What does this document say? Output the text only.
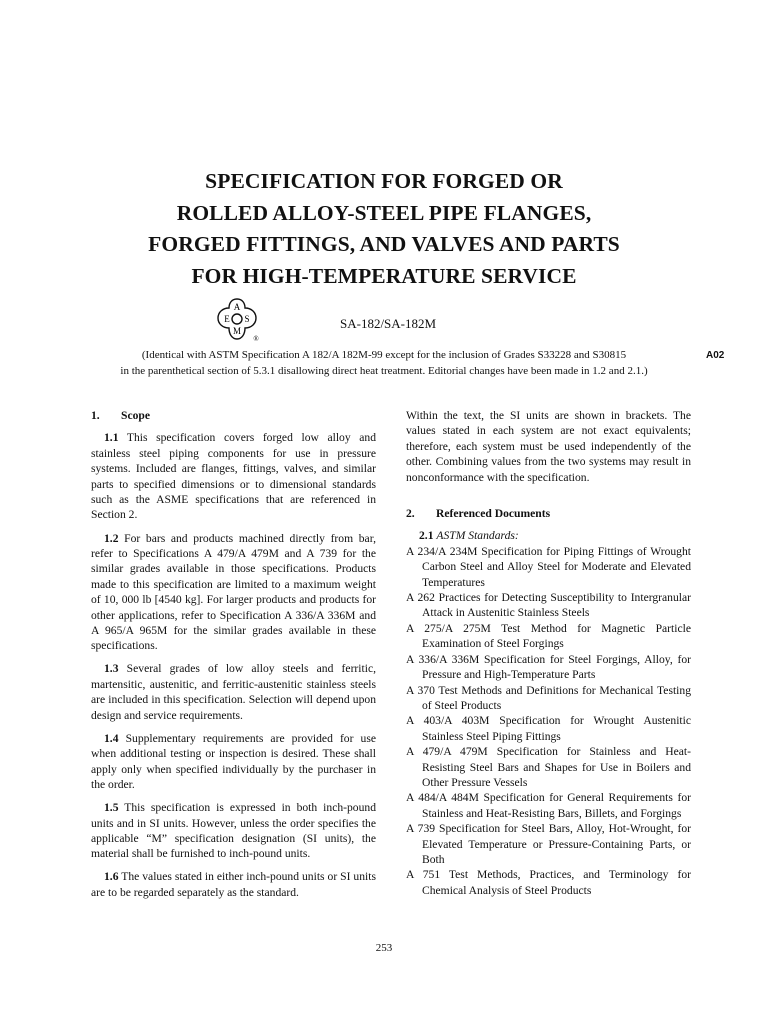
SPECIFICATION FOR FORGED OR
ROLLED ALLOY-STEEL PIPE FLANGES,
FORGED FITTINGS, AND VALVES AND PARTS
FOR HIGH-TEMPERATURE SERVICE
A
S
M
E
®
SA-182/SA-182M
(Identical with ASTM Specification A 182/A 182M-99 except for the inclusion of Grades S33228 and S30815
in the parenthetical section of 5.3.1 disallowing direct heat treatment. Editorial changes have been made in 1.2 and 2.1.)
A02

1. Scope

1.1 This specification covers forged low alloy and stainless steel piping components for use in pressure systems. Included are flanges, fittings, valves, and similar parts to specified dimensions or to dimensional standards such as the ASME specifications that are referenced in Section 2.

1.2 For bars and products machined directly from bar, refer to Specifications A 479/A 479M and A 739 for the similar grades available in those specifications. Products made to this specification are limited to a maximum weight of 10, 000 lb [4540 kg]. For larger products and products for other applications, refer to Specification A 336/A 336M and A 965/A 965M for the similar grades available in these specifications.

1.3 Several grades of low alloy steels and ferritic, martensitic, austenitic, and ferritic-austenitic stainless steels are included in this specification. Selection will depend upon design and service requirements.

1.4 Supplementary requirements are provided for use when additional testing or inspection is desired. These shall apply only when specified individually by the purchaser in the order.

1.5 This specification is expressed in both inch-pound units and in SI units. However, unless the order specifies the applicable “M” specification designation (SI units), the material shall be furnished to inch-pound units.

1.6 The values stated in either inch-pound units or SI units are to be regarded separately as the standard.

Within the text, the SI units are shown in brackets. The values stated in each system are not exact equivalents; therefore, each system must be used independently of the other. Combining values from the two systems may result in nonconformance with the specification.

2. Referenced Documents

2.1 ASTM Standards:

A 234/A 234M Specification for Piping Fittings of Wrought Carbon Steel and Alloy Steel for Moderate and Elevated Temperatures

A 262 Practices for Detecting Susceptibility to Intergranular Attack in Austenitic Stainless Steels

A 275/A 275M Test Method for Magnetic Particle Examination of Steel Forgings

A 336/A 336M Specification for Steel Forgings, Alloy, for Pressure and High-Temperature Parts

A 370 Test Methods and Definitions for Mechanical Testing of Steel Products

A 403/A 403M Specification for Wrought Austenitic Stainless Steel Piping Fittings

A 479/A 479M Specification for Stainless and Heat-Resisting Steel Bars and Shapes for Use in Boilers and Other Pressure Vessels

A 484/A 484M Specification for General Requirements for Stainless and Heat-Resisting Bars, Billets, and Forgings

A 739 Specification for Steel Bars, Alloy, Hot-Wrought, for Elevated Temperature or Pressure-Containing Parts, or Both

A 751 Test Methods, Practices, and Terminology for Chemical Analysis of Steel Products

253
